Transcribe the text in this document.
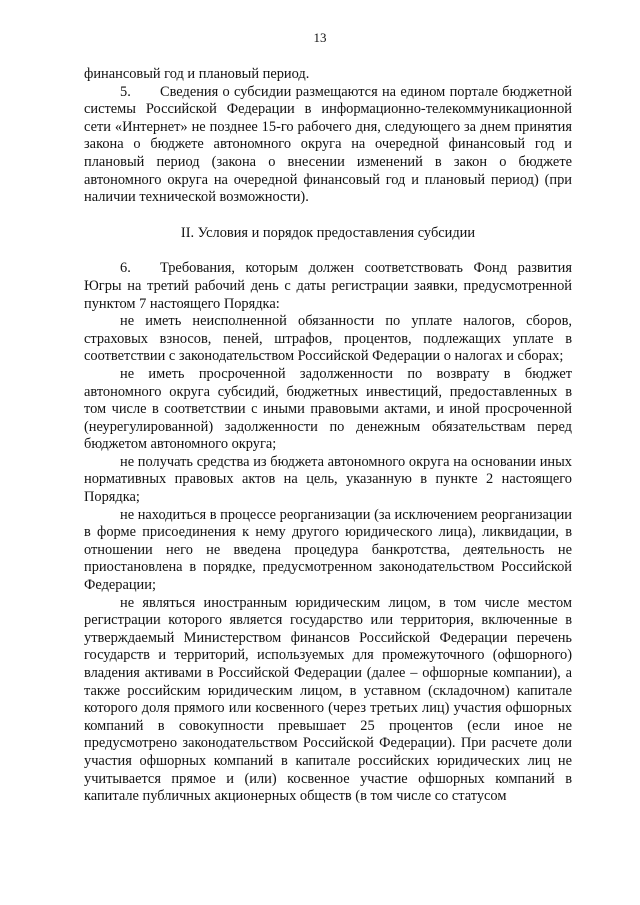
13

финансовый год и плановый период.

5. Сведения о субсидии размещаются на едином портале бюджетной системы Российской Федерации в информационно-телекоммуникационной сети «Интернет» не позднее 15-го рабочего дня, следующего за днем принятия закона о бюджете автономного округа на очередной финансовый год и плановый период (закона о внесении изменений в закон о бюджете автономного округа на очередной финансовый год и плановый период) (при наличии технической возможности).

II. Условия и порядок предоставления субсидии

6. Требования, которым должен соответствовать Фонд развития Югры на третий рабочий день с даты регистрации заявки, предусмотренной пунктом 7 настоящего Порядка:

не иметь неисполненной обязанности по уплате налогов, сборов, страховых взносов, пеней, штрафов, процентов, подлежащих уплате в соответствии с законодательством Российской Федерации о налогах и сборах;

не иметь просроченной задолженности по возврату в бюджет автономного округа субсидий, бюджетных инвестиций, предоставленных в том числе в соответствии с иными правовыми актами, и иной просроченной (неурегулированной) задолженности по денежным обязательствам перед бюджетом автономного округа;

не получать средства из бюджета автономного округа на основании иных нормативных правовых актов на цель, указанную в пункте 2 настоящего Порядка;

не находиться в процессе реорганизации (за исключением реорганизации в форме присоединения к нему другого юридического лица), ликвидации, в отношении него не введена процедура банкротства, деятельность не приостановлена в порядке, предусмотренном законодательством Российской Федерации;

не являться иностранным юридическим лицом, в том числе местом регистрации которого является государство или территория, включенные в утверждаемый Министерством финансов Российской Федерации перечень государств и территорий, используемых для промежуточного (офшорного) владения активами в Российской Федерации (далее – офшорные компании), а также российским юридическим лицом, в уставном (складочном) капитале которого доля прямого или косвенного (через третьих лиц) участия офшорных компаний в совокупности превышает 25 процентов (если иное не предусмотрено законодательством Российской Федерации). При расчете доли участия офшорных компаний в капитале российских юридических лиц не учитывается прямое и (или) косвенное участие офшорных компаний в капитале публичных акционерных обществ (в том числе со статусом
